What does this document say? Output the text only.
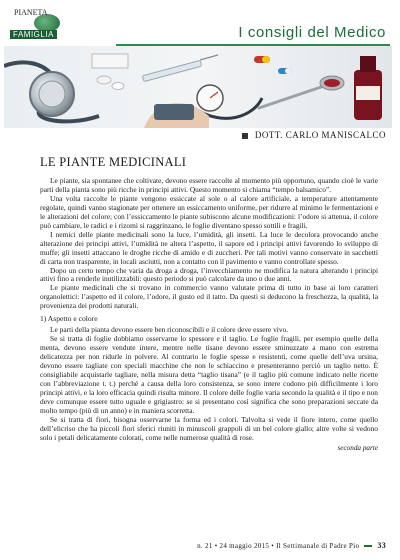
PIANETA
FAMIGLIA	I consigli del Medico
DOTT. CARLO MANISCALCO
LE PIANTE MEDICINALI

Le piante, sia spontanee che coltivate, devono essere raccolte al momento più opportuno, quando cioè le varie parti della pianta sono più ricche in principi attivi. Questo momento si chiama “tempo balsamico”.

Una volta raccolte le piante vengono essiccate al sole o al calore artificiale, a temperature attentamente regolate, quindi vanno stagionate per ottenere un essiccamento uniforme, per ridurre al minimo le fermentazioni e le alterazioni del colore; con l’essiccamento le piante subiscono alcune modificazioni: l’odore si attenua, il colore può cambiare, le radici e i rizomi si raggrinzano, le foglie diventano spesso sottili e fragili.

I nemici delle piante medicinali sono la luce, l’umidità, gli insetti. La luce le decolora provocando anche alterazione dei principi attivi, l’umidità ne altera l’aspetto, il sapore ed i principi attivi favorendo lo sviluppo di muffe; gli insetti attaccano le droghe ricche di amido e di zuccheri. Per tali motivi vanno conservate in sacchetti di carta non trasparente, in locali asciutti, non a contatto con il pavimento e vanno controllate spesso.

Dopo un certo tempo che varia da droga a droga, l’invecchiamento ne modifica la natura alterando i principi attivi fino a renderle inutilizzabili: questo periodo si può calcolare da uno o due anni.

Le piante medicinali che si trovano in commercio vanno valutate prima di tutto in base ai loro caratteri organolettici: l’aspetto ed il colore, l’odore, il gusto ed il tatto. Da questi si deducono la freschezza, la qualità, la provenienza dei prodotti naturali.

1) Aspetto e colore

Le parti della pianta devono essere ben riconoscibili e il colore deve essere vivo.

Se si tratta di foglie dobbiamo osservarne lo spessore e il taglio. Le foglie fragili, per esempio quelle della menta, devono essere vendute intere, mentre nelle tisane devono essere sminuzzate a mano con estrema delicatezza per non ridurle in polvere. Al contrario le foglie spesse e resistenti, come quelle dell’uva ursina, devono essere tagliate con speciali macchine che non le schiaccino e presenteranno perciò un taglio netto. È consigliabile acquistarle tagliate, nella misura detta “taglio tisana” (e il taglio più comune indicato nelle ricette con l’abbreviazione t. t.) perché a causa della loro consistenza, se sono intere codono più difficilmente i loro principi attivi, e la loro efficacia quindi risulta minore. Il colore delle foglie varia secondo la qualità e il tipo e non deve comunque essere tutto uguale e grigiastro: se si presentano così significa che sono preparazioni seccate da molto tempo (più di un anno) e in maniera scorretta.

Se si tratta di fiori, bisogna osservarne la forma ed i colori. Talvolta si vede il fiore intero, come quello dell’elicriso che ha piccoli fiori sferici riuniti in minuscoli grappoli di un bel colore giallo; altre volte si vedono solo i petali delicatamente colorati, come nelle numerose qualità di rose.

seconda parte
n. 21 • 24 maggio 2015 • Il Settimanale di Padre Pio 33
